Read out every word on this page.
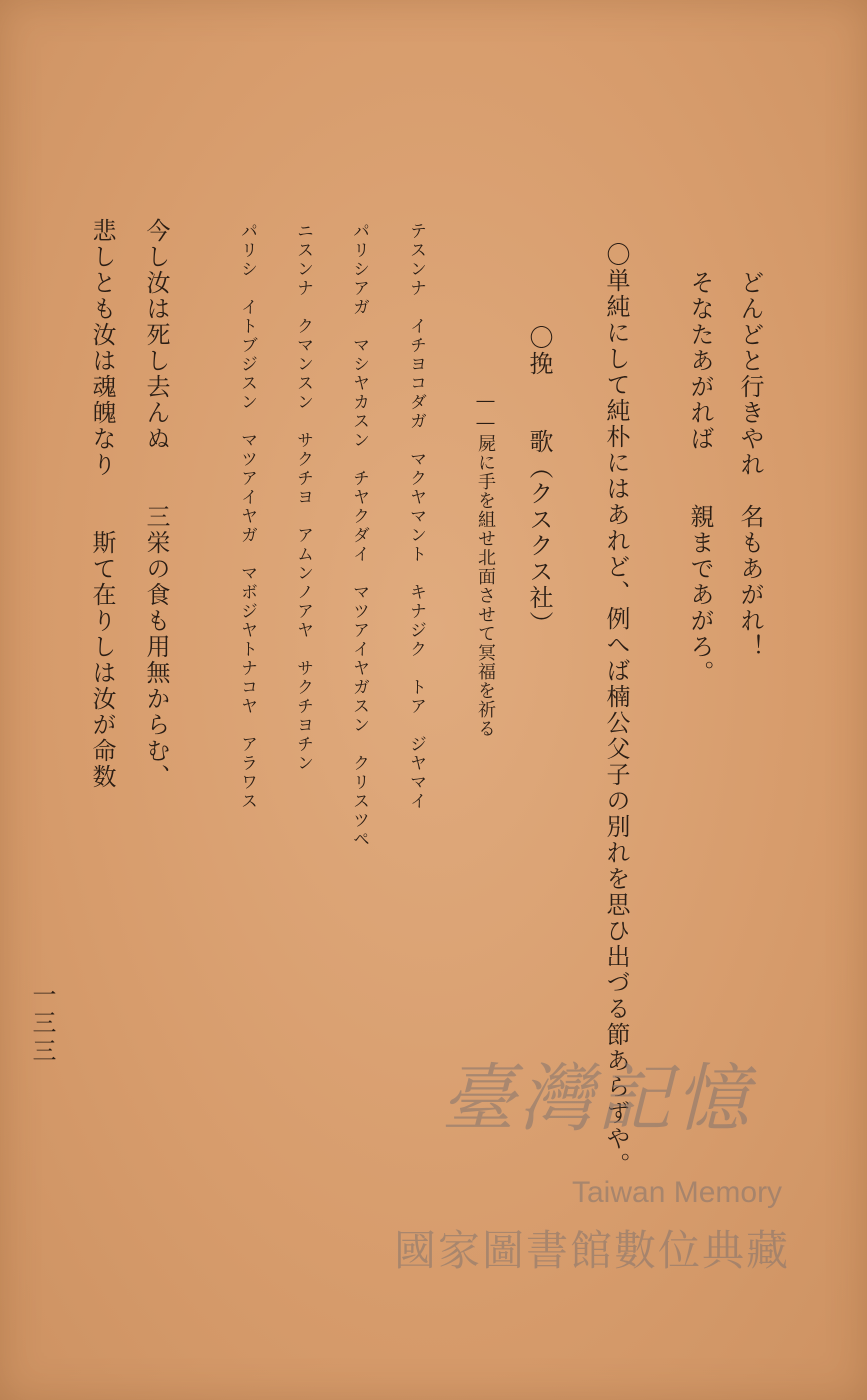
どんどと行きやれ　名もあがれ！
そなたあがれば　　親まであがろ。
〇単純にして純朴にはあれど、例へば楠公父子の別れを思ひ出づる節あらずや。
〇挽　　歌（クスクス社）
――屍に手を組せ北面させて冥福を祈る
テスンナ　イチヨコダガ　マクヤマント　キナジク　トア　ジヤマイ
パリシアガ　マシヤカスン　チヤクダイ　マツアイヤガスン　クリスツペ
ニスンナ　クマンスン　サクチヨ　アムンノアヤ　サクチヨチン
パリシ　イトブジスン　マツアイヤガ　マボジヤトナコヤ　アラワス
今し汝は死し去んぬ　　三栄の食も用無からむ、
悲しとも汝は魂魄なり　　斯て在りしは汝が命数
一三三
臺灣記憶
Taiwan Memory
國家圖書館數位典藏
